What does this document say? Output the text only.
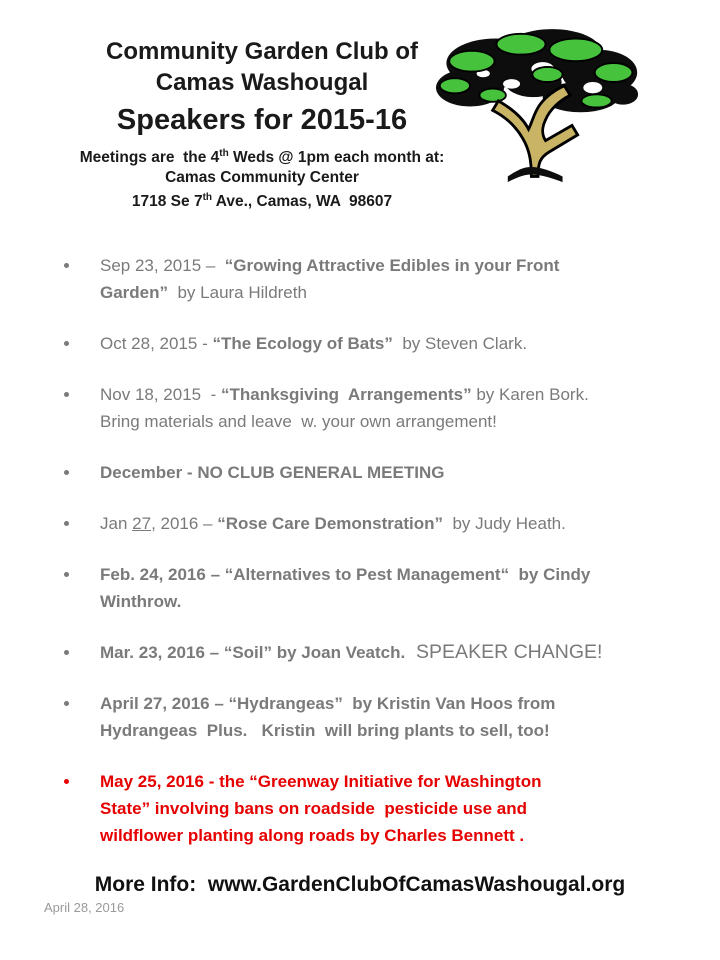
Community Garden Club of
Camas Washougal
Speakers for 2015-16
Meetings are  the 4th Weds @ 1pm each month at:
Camas Community Center
1718 Se 7th Ave., Camas, WA  98607
Sep 23, 2015 –  “Growing Attractive Edibles in your Front
Garden”  by Laura Hildreth
Oct 28, 2015 - “The Ecology of Bats”  by Steven Clark.
Nov 18, 2015  - “Thanksgiving  Arrangements” by Karen Bork.
Bring materials and leave  w. your own arrangement!
December - NO CLUB GENERAL MEETING
Jan 27, 2016 – “Rose Care Demonstration”  by Judy Heath.
Feb. 24, 2016 – “Alternatives to Pest Management“  by Cindy
Winthrow.
Mar. 23, 2016 – “Soil” by Joan Veatch.  SPEAKER CHANGE!
April 27, 2016 – “Hydrangeas”  by Kristin Van Hoos from
Hydrangeas  Plus.   Kristin  will bring plants to sell, too!
May 25, 2016 - the “Greenway Initiative for Washington
State” involving bans on roadside  pesticide use and
wildflower planting along roads by Charles Bennett .
More Info:  www.GardenClubOfCamasWashougal.org
April 28, 2016
